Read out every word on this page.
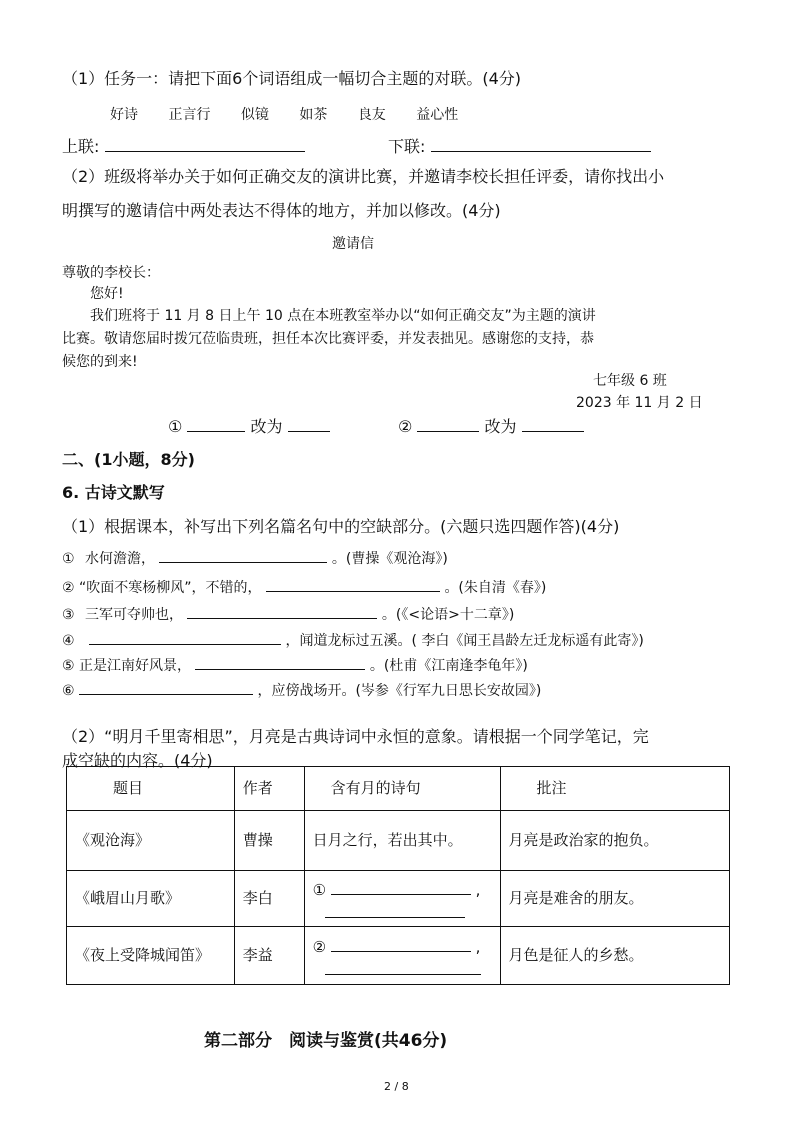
（1）任务一：请把下面6个词语组成一幅切合主题的对联。(4分)
好诗 正言行 似镜 如茶 良友 益心性
上联:	下联:
（2）班级将举办关于如何正确交友的演讲比赛，并邀请李校长担任评委，请你找出小
明撰写的邀请信中两处表达不得体的地方，并加以修改。(4分)
邀请信
尊敬的李校长：
您好!
我们班将于 11 月 8 日上午 10 点在本班教室举办以“如何正确交友”为主题的演讲
比赛。敬请您届时拨冗莅临贵班，担任本次比赛评委，并发表拙见。感谢您的支持，恭
候您的到来!
七年级 6 班
2023 年 11 月 2 日
①	改为	②	改为
二、(1小题，8分)
6. 古诗文默写
（1）根据课本，补写出下列名篇名句中的空缺部分。(六题只选四题作答)(4分)
① 水何澹澹，	。(曹操《观沧海》)
② “吹面不寒杨柳风”，不错的，	。(朱自清《春》)
③ 三军可夺帅也，	。(《<论语>十二章》)
④	，闻道龙标过五溪。( 李白《闻王昌龄左迁龙标遥有此寄》)
⑤ 正是江南好风景，	。(杜甫《江南逢李龟年》)
⑥	，应傍战场开。(岑参《行军九日思长安故园》)
（2）“明月千里寄相思”，月亮是古典诗词中永恒的意象。请根据一个同学笔记，完
成空缺的内容。(4分)
题目	作者	含有月的诗句	批注
《观沧海》	曹操	日月之行，若出其中。	月亮是政治家的抱负。
《峨眉山月歌》	李白	① ,	月亮是难舍的朋友。
《夜上受降城闻笛》	李益	② ,	月色是征人的乡愁。
第二部分　阅读与鉴赏(共46分)
2 / 8
